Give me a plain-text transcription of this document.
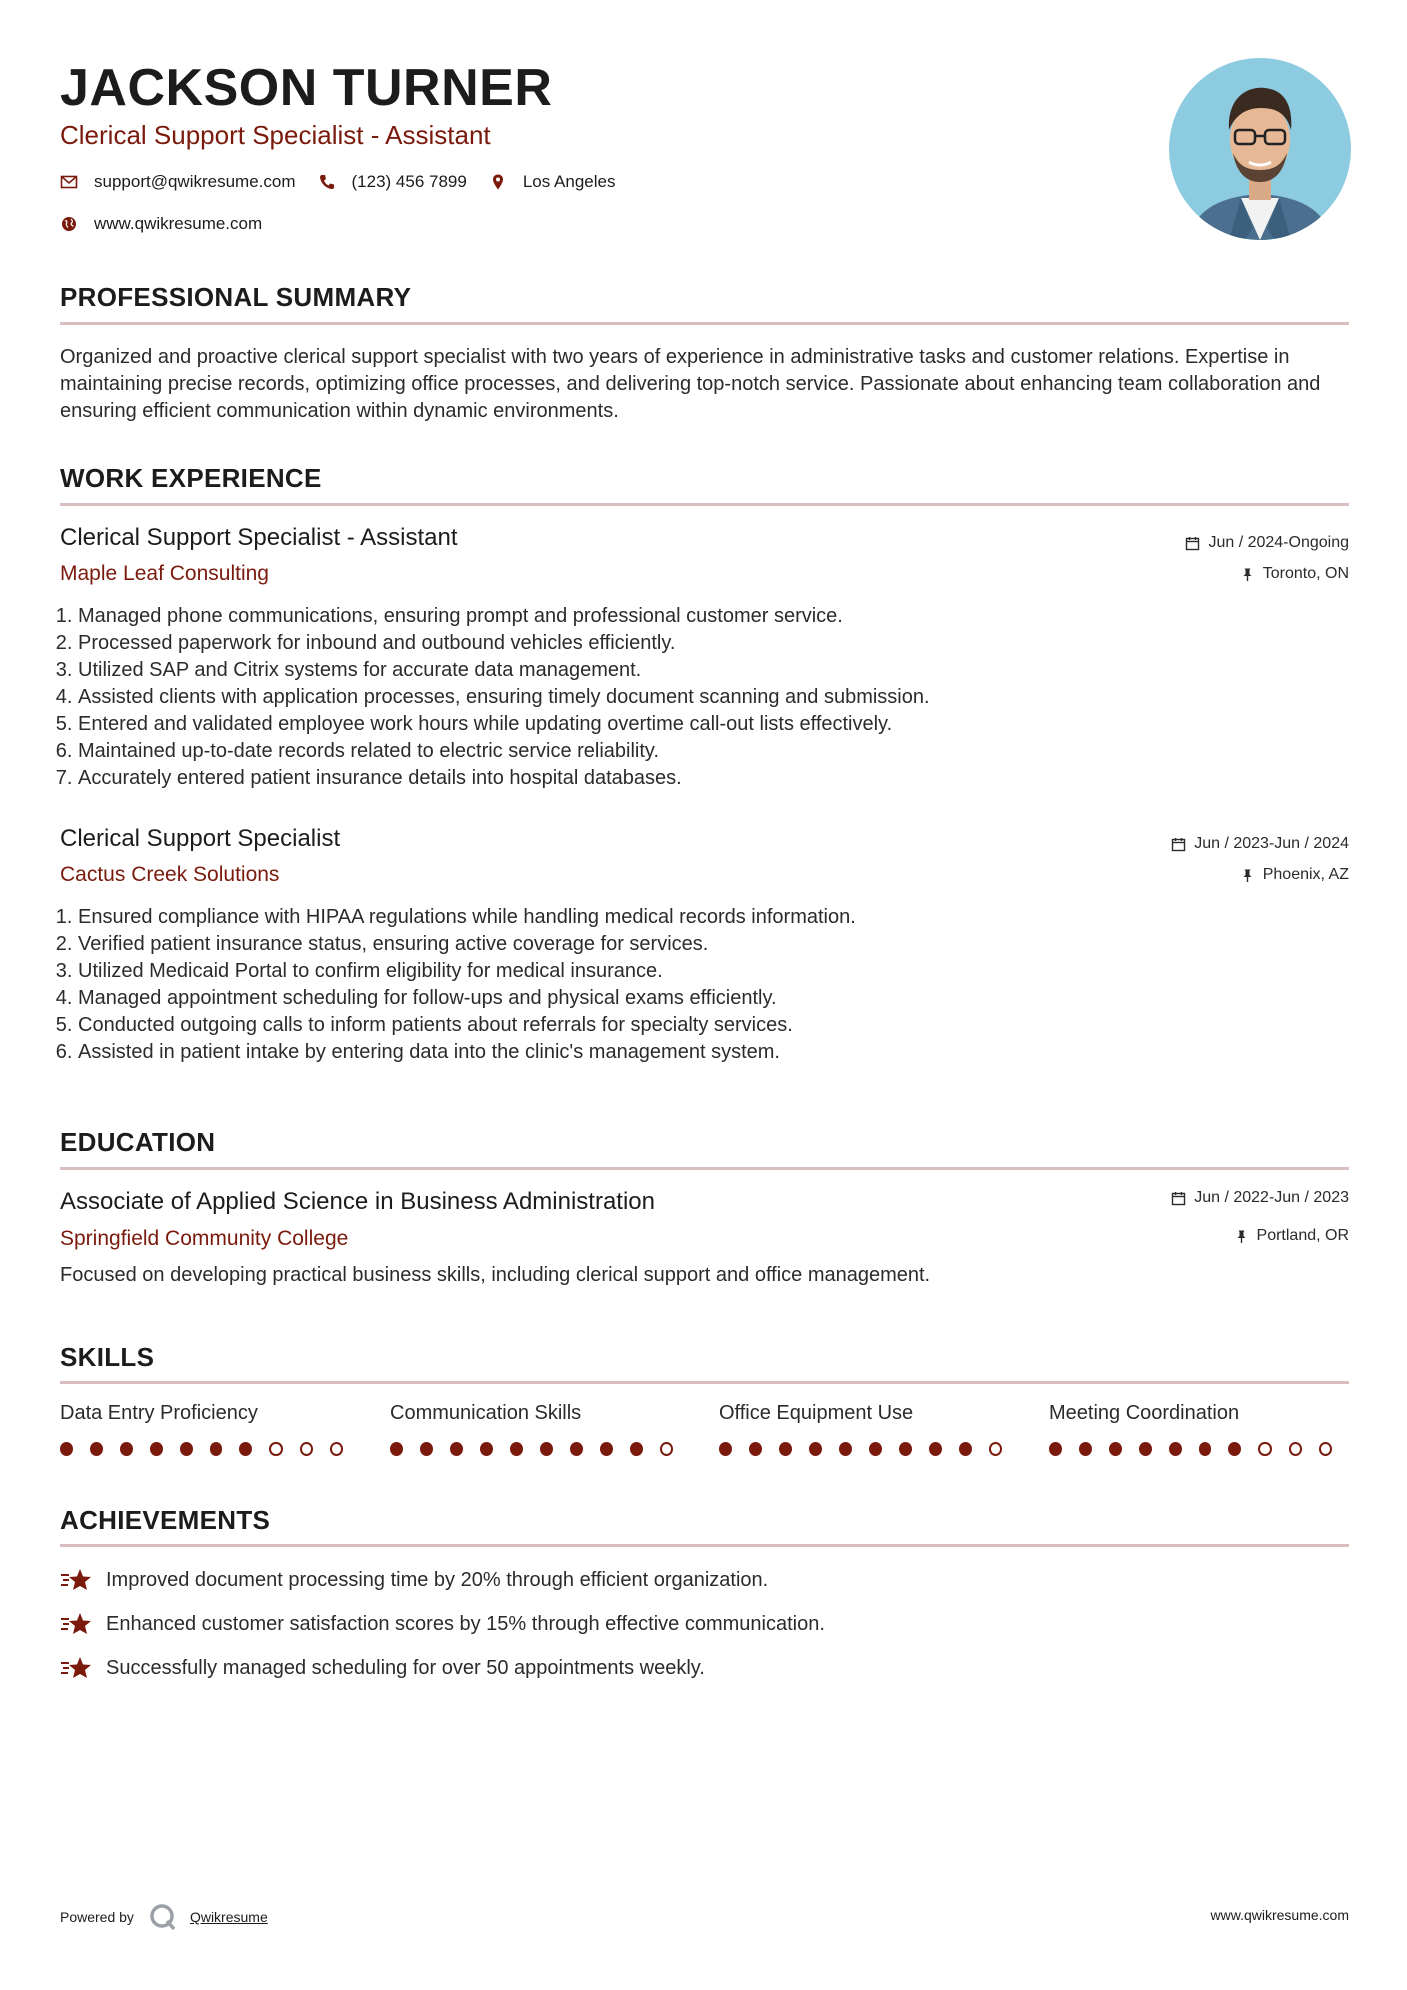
JACKSON TURNER
Clerical Support Specialist - Assistant
support@qwikresume.com	(123) 456 7899	Los Angeles
www.qwikresume.com
PROFESSIONAL SUMMARY
Organized and proactive clerical support specialist with two years of experience in administrative tasks and customer relations. Expertise in maintaining precise records, optimizing office processes, and delivering top-notch service. Passionate about enhancing team collaboration and ensuring efficient communication within dynamic environments.
WORK EXPERIENCE
Clerical Support Specialist - Assistant
Maple Leaf Consulting
Jun / 2024-Ongoing
Toronto, ON
1. Managed phone communications, ensuring prompt and professional customer service.
2. Processed paperwork for inbound and outbound vehicles efficiently.
3. Utilized SAP and Citrix systems for accurate data management.
4. Assisted clients with application processes, ensuring timely document scanning and submission.
5. Entered and validated employee work hours while updating overtime call-out lists effectively.
6. Maintained up-to-date records related to electric service reliability.
7. Accurately entered patient insurance details into hospital databases.
Clerical Support Specialist
Cactus Creek Solutions
Jun / 2023-Jun / 2024
Phoenix, AZ
1. Ensured compliance with HIPAA regulations while handling medical records information.
2. Verified patient insurance status, ensuring active coverage for services.
3. Utilized Medicaid Portal to confirm eligibility for medical insurance.
4. Managed appointment scheduling for follow-ups and physical exams efficiently.
5. Conducted outgoing calls to inform patients about referrals for specialty services.
6. Assisted in patient intake by entering data into the clinic's management system.
EDUCATION
Associate of Applied Science in Business Administration
Springfield Community College
Jun / 2022-Jun / 2023
Portland, OR
Focused on developing practical business skills, including clerical support and office management.
SKILLS
Data Entry Proficiency	Communication Skills	Office Equipment Use	Meeting Coordination
ACHIEVEMENTS
Improved document processing time by 20% through efficient organization.
Enhanced customer satisfaction scores by 15% through effective communication.
Successfully managed scheduling for over 50 appointments weekly.
Powered by	Qwikresume	www.qwikresume.com
